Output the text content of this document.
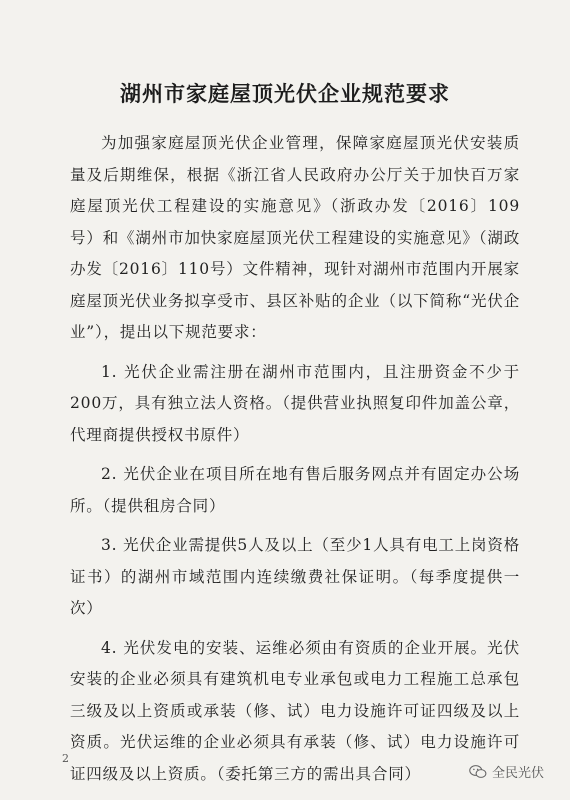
湖州市家庭屋顶光伏企业规范要求

为加强家庭屋顶光伏企业管理，保障家庭屋顶光伏安装质量及后期维保，根据《浙江省人民政府办公厅关于加快百万家庭屋顶光伏工程建设的实施意见》（浙政办发〔2016〕109号）和《湖州市加快家庭屋顶光伏工程建设的实施意见》（湖政办发〔2016〕110号）文件精神，现针对湖州市范围内开展家庭屋顶光伏业务拟享受市、县区补贴的企业（以下简称“光伏企业”），提出以下规范要求：

1. 光伏企业需注册在湖州市范围内，且注册资金不少于200万，具有独立法人资格。（提供营业执照复印件加盖公章，代理商提供授权书原件）

2. 光伏企业在项目所在地有售后服务网点并有固定办公场所。（提供租房合同）

3. 光伏企业需提供5人及以上（至少1人具有电工上岗资格证书）的湖州市域范围内连续缴费社保证明。（每季度提供一次）

4. 光伏发电的安装、运维必须由有资质的企业开展。光伏安装的企业必须具有建筑机电专业承包或电力工程施工总承包三级及以上资质或承装（修、试）电力设施许可证四级及以上资质。光伏运维的企业必须具有承装（修、试）电力设施许可证四级及以上资质。（委托第三方的需出具合同）

2
全民光伏
